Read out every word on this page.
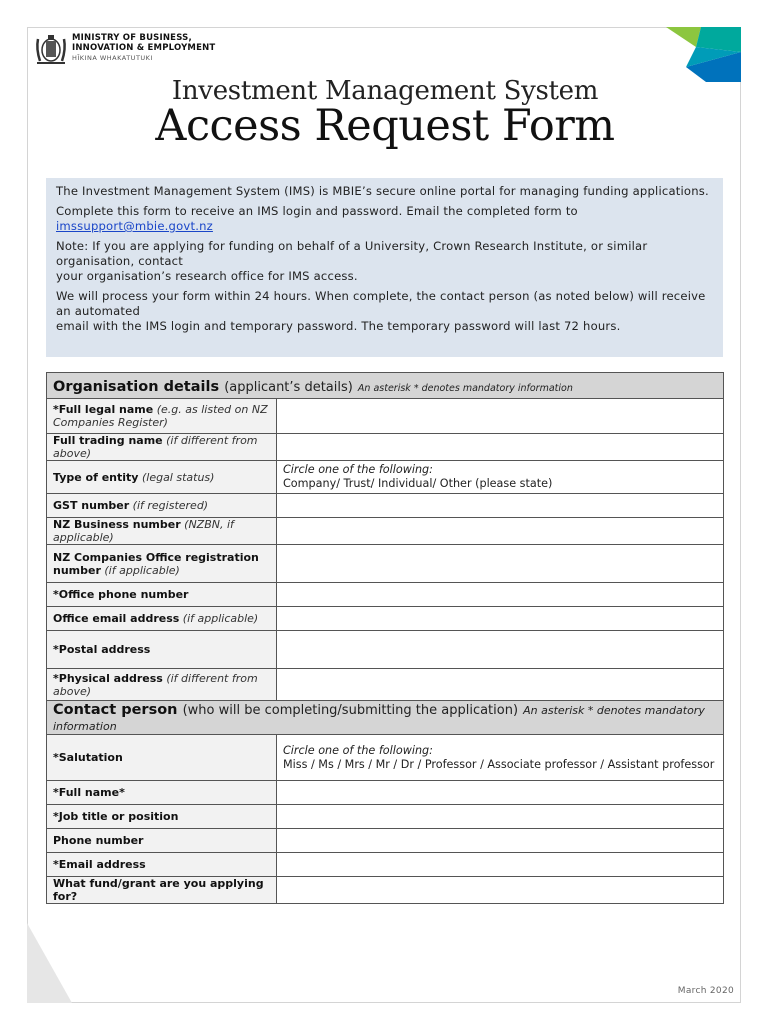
MINISTRY OF BUSINESS,
INNOVATION & EMPLOYMENT
HĪKINA WHAKATUTUKI
Investment Management System
Access Request Form

The Investment Management System (IMS) is MBIE’s secure online portal for managing funding applications.

Complete this form to receive an IMS login and password. Email the completed form to
imssupport@mbie.govt.nz

Note: If you are applying for funding on behalf of a University, Crown Research Institute, or similar organisation, contact
your organisation’s research office for IMS access.

We will process your form within 24 hours. When complete, the contact person (as noted below) will receive an automated
email with the IMS login and temporary password. The temporary password will last 72 hours.

Organisation details (applicant’s details) An asterisk * denotes mandatory information	
*Full legal name (e.g. as listed on NZ Companies Register)	
Full trading name (if different from above)	
Type of entity (legal status)	Circle one of the following:
Company/ Trust/ Individual/ Other (please state)
GST number (if registered)	
NZ Business number (NZBN, if applicable)	
NZ Companies Office registration number (if applicable)	
*Office phone number	
Office email address (if applicable)	
*Postal address	
*Physical address (if different from above)	
Contact person (who will be completing/submitting the application) An asterisk * denotes mandatory information	
*Salutation	Circle one of the following:
Miss / Ms / Mrs / Mr / Dr / Professor / Associate professor / Assistant professor
*Full name*	
*Job title or position	
Phone number	
*Email address	
What fund/grant are you applying for?	
March 2020
